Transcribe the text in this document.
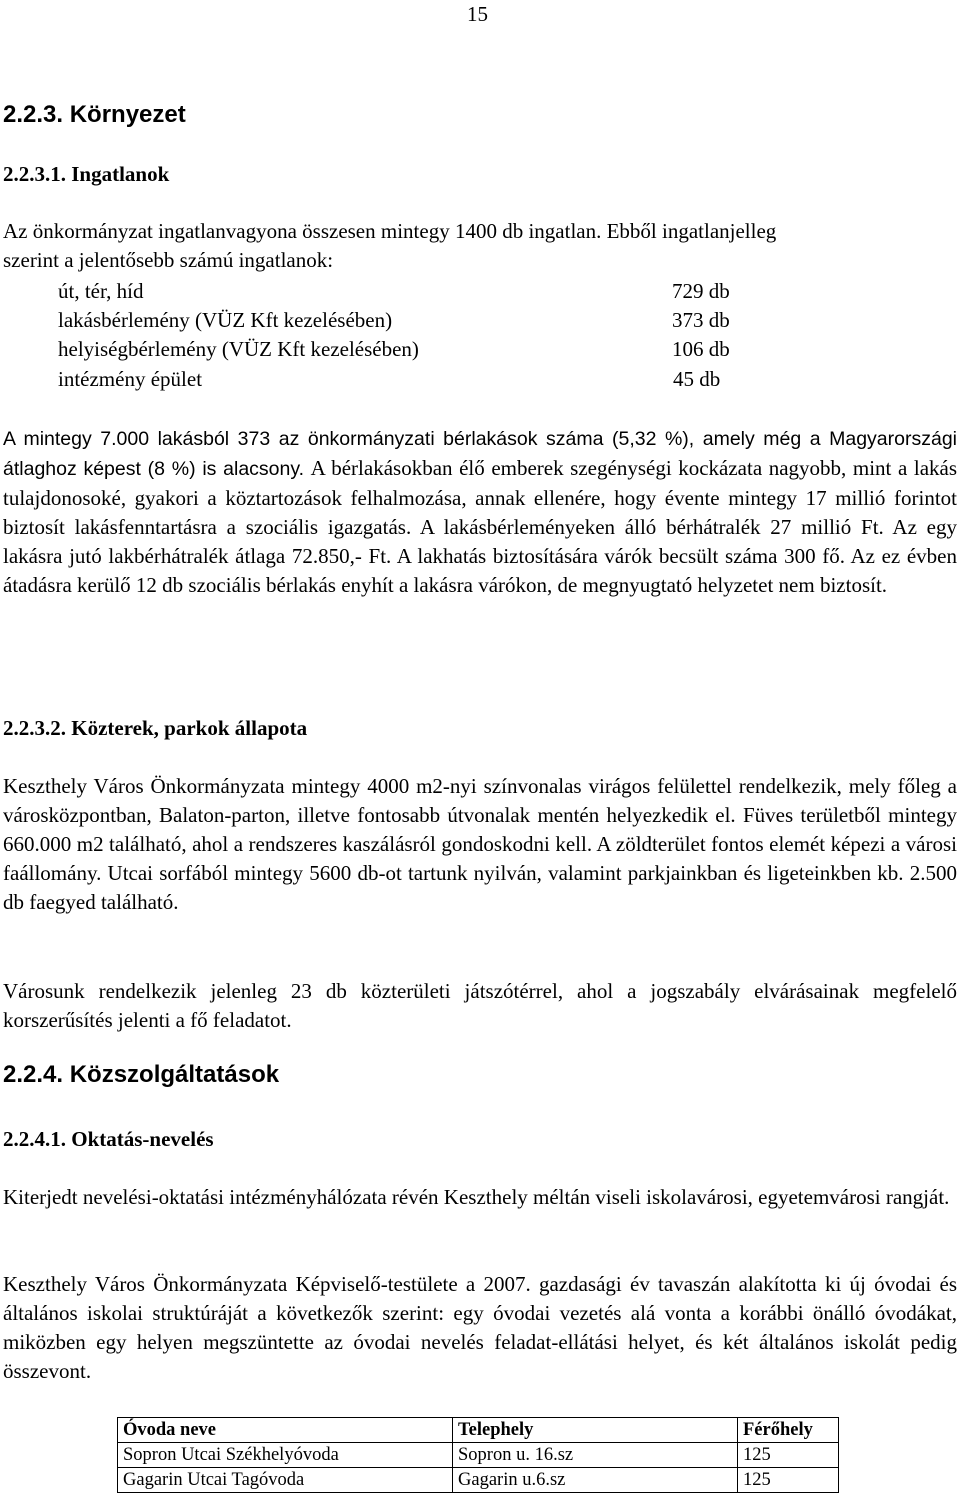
15
2.2.3. Környezet
2.2.3.1. Ingatlanok
Az önkormányzat ingatlanvagyona összesen mintegy 1400 db ingatlan. Ebből ingatlanjelleg
szerint a jelentősebb számú ingatlanok:
út, tér, híd	729 db
lakásbérlemény (VÜZ Kft kezelésében)	373 db
helyiségbérlemény (VÜZ Kft kezelésében)	106 db
intézmény épület	45 db
A mintegy 7.000 lakásból 373 az önkormányzati bérlakások száma (5,32 %), amely még a Magyarországi átlaghoz képest (8 %) is alacsony. A bérlakásokban élő emberek szegénységi kockázata nagyobb, mint a lakás tulajdonosoké, gyakori a köztartozások felhalmozása, annak ellenére, hogy évente mintegy 17 millió forintot biztosít lakásfenntartásra a szociális igazgatás. A lakásbérleményeken álló bérhátralék 27 millió Ft. Az egy lakásra jutó lakbérhátralék átlaga 72.850,- Ft. A lakhatás biztosítására várók becsült száma 300 fő. Az ez évben átadásra kerülő 12 db szociális bérlakás enyhít a lakásra várókon, de megnyugtató helyzetet nem biztosít.
2.2.3.2. Közterek, parkok állapota
Keszthely Város Önkormányzata mintegy 4000 m2-nyi színvonalas virágos felülettel rendelkezik, mely főleg a városközpontban, Balaton-parton, illetve fontosabb útvonalak mentén helyezkedik el. Füves területből mintegy 660.000 m2 található, ahol a rendszeres kaszálásról gondoskodni kell. A zöldterület fontos elemét képezi a városi faállomány. Utcai sorfából mintegy 5600 db-ot tartunk nyilván, valamint parkjainkban és ligeteinkben kb. 2.500 db faegyed található.
Városunk rendelkezik jelenleg 23 db közterületi játszótérrel, ahol a jogszabály elvárásainak megfelelő korszerűsítés jelenti a fő feladatot.
2.2.4. Közszolgáltatások
2.2.4.1. Oktatás-nevelés
Kiterjedt nevelési-oktatási intézményhálózata révén Keszthely méltán viseli iskolavárosi, egyetemvárosi rangját.
Keszthely Város Önkormányzata Képviselő-testülete a 2007. gazdasági év tavaszán alakította ki új óvodai és általános iskolai struktúráját a következők szerint: egy óvodai vezetés alá vonta a korábbi önálló óvodákat, miközben egy helyen megszüntette az óvodai nevelés feladat-ellátási helyet, és két általános iskolát pedig összevont.
Óvoda neve	Telephely	Férőhely
Sopron Utcai Székhelyóvoda	Sopron u. 16.sz	125
Gagarin Utcai Tagóvoda	Gagarin u.6.sz	125
